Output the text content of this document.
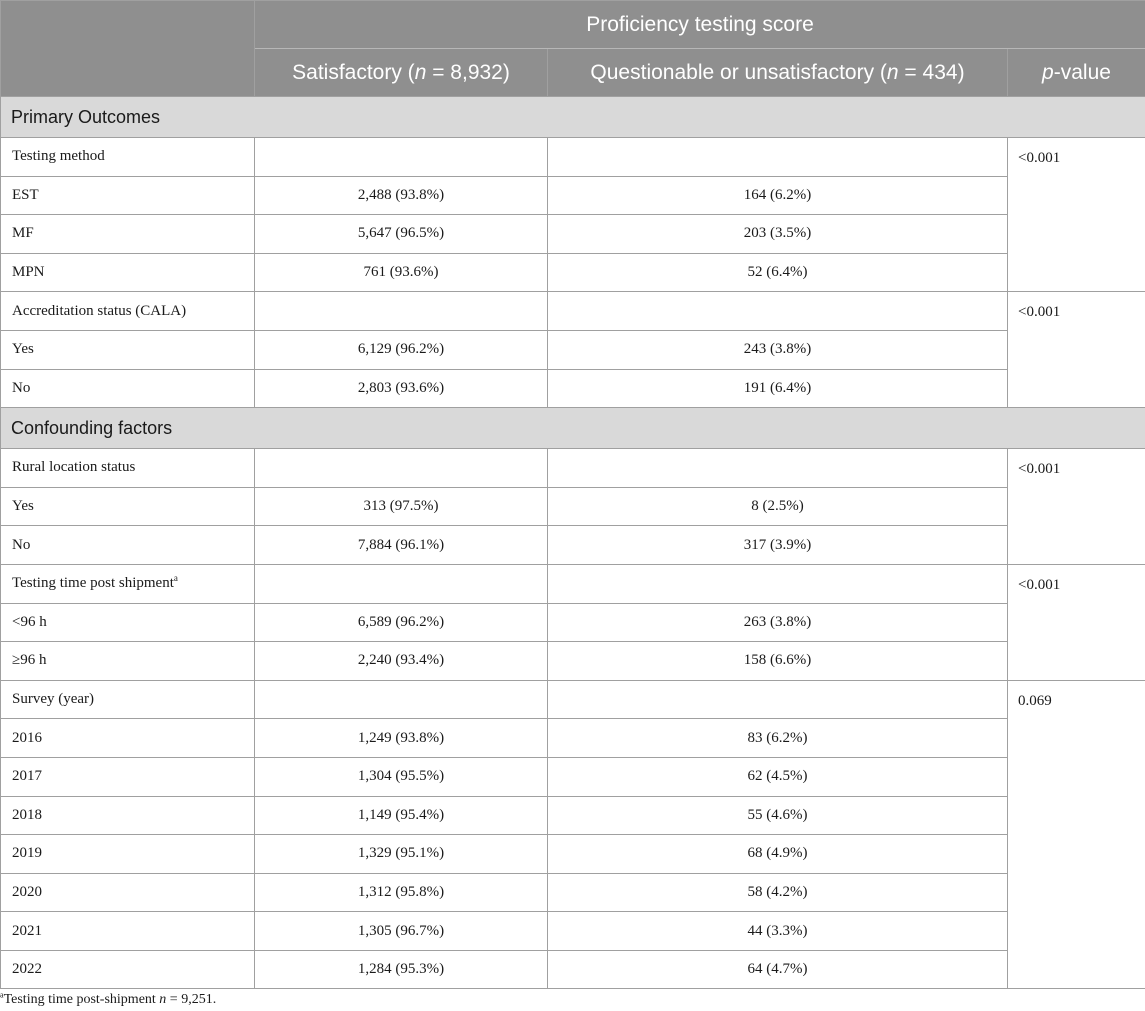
	Proficiency testing score		
	Satisfactory (n = 8,932)	Questionable or unsatisfactory (n = 434)	p-value
Primary Outcomes			
Testing method			<0.001
EST	2,488 (93.8%)	164 (6.2%)	
MF	5,647 (96.5%)	203 (3.5%)	
MPN	761 (93.6%)	52 (6.4%)	
Accreditation status (CALA)			<0.001
Yes	6,129 (96.2%)	243 (3.8%)	
No	2,803 (93.6%)	191 (6.4%)	
Confounding factors			
Rural location status			<0.001
Yes	313 (97.5%)	8 (2.5%)	
No	7,884 (96.1%)	317 (3.9%)	
Testing time post shipment$^a$			<0.001
<96 h	6,589 (96.2%)	263 (3.8%)	
≥96 h	2,240 (93.4%)	158 (6.6%)	
Survey (year)			0.069
2016	1,249 (93.8%)	83 (6.2%)	
2017	1,304 (95.5%)	62 (4.5%)	
2018	1,149 (95.4%)	55 (4.6%)	
2019	1,329 (95.1%)	68 (4.9%)	
2020	1,312 (95.8%)	58 (4.2%)	
2021	1,305 (96.7%)	44 (3.3%)	
2022	1,284 (95.3%)	64 (4.7%)	
$^a$Testing time post-shipment n = 9,251.
